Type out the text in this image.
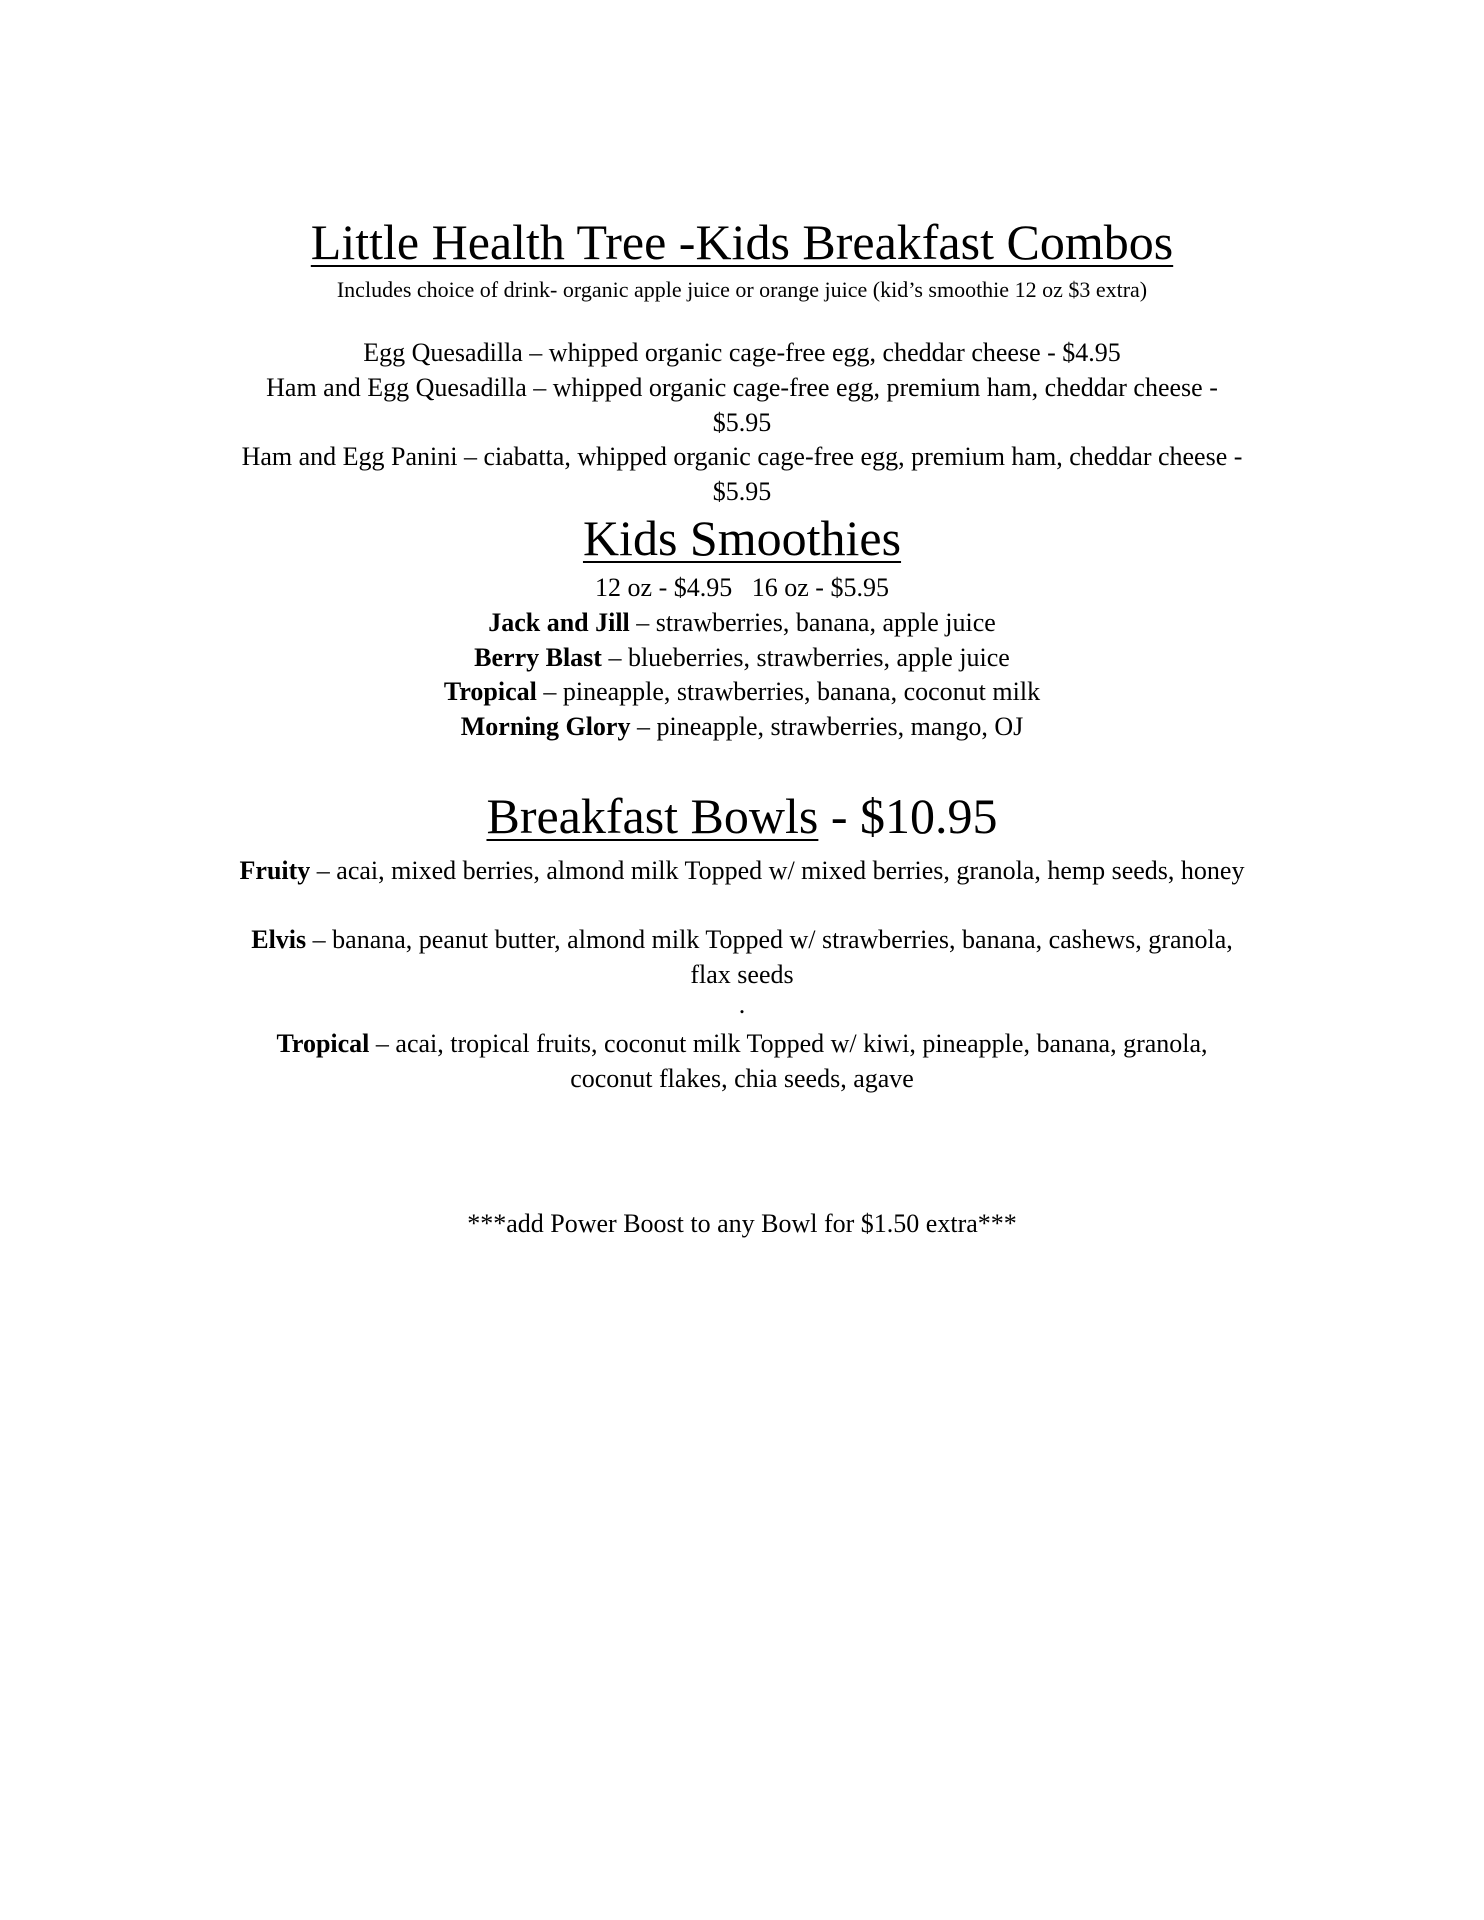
Little Health Tree -Kids Breakfast Combos
Includes choice of drink- organic apple juice or orange juice (kid’s smoothie 12 oz $3 extra)
Egg Quesadilla – whipped organic cage-free egg, cheddar cheese - $4.95
Ham and Egg Quesadilla – whipped organic cage-free egg, premium ham, cheddar cheese -
$5.95
Ham and Egg Panini – ciabatta, whipped organic cage-free egg, premium ham, cheddar cheese -
$5.95
Kids Smoothies
12 oz - $4.95   16 oz - $5.95
Jack and Jill – strawberries, banana, apple juice
Berry Blast – blueberries, strawberries, apple juice
Tropical – pineapple, strawberries, banana, coconut milk
Morning Glory – pineapple, strawberries, mango, OJ
Breakfast Bowls - $10.95
Fruity – acai, mixed berries, almond milk Topped w/ mixed berries, granola, hemp seeds, honey
Elvis – banana, peanut butter, almond milk Topped w/ strawberries, banana, cashews, granola,
flax seeds
.
Tropical – acai, tropical fruits, coconut milk Topped w/ kiwi, pineapple, banana, granola,
coconut flakes, chia seeds, agave
***add Power Boost to any Bowl for $1.50 extra***
